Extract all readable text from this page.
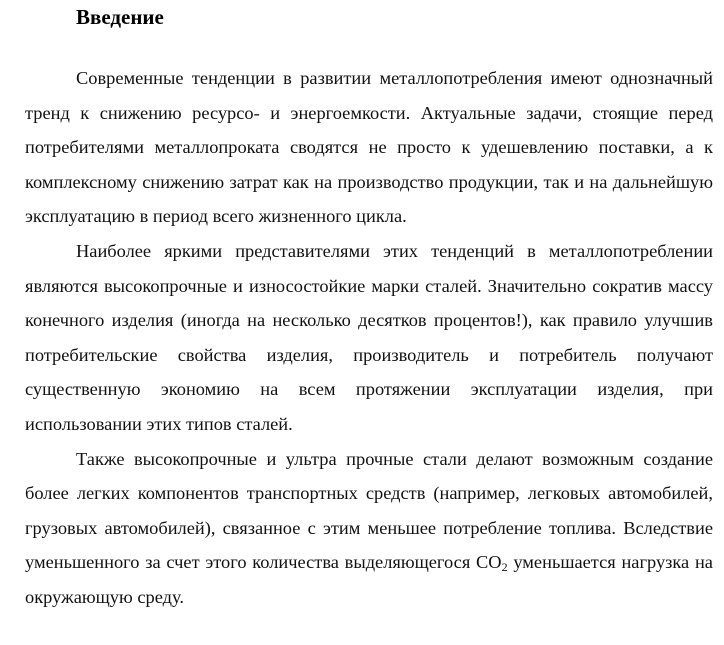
Введение

Современные тенденции в развитии металлопотребления имеют однозначный тренд к снижению ресурсо- и энергоемкости. Актуальные задачи, стоящие перед потребителями металлопроката сводятся не просто к удешевлению поставки, а к комплексному снижению затрат как на производство продукции, так и на дальнейшую эксплуатацию в период всего жизненного цикла.

Наиболее яркими представителями этих тенденций в металлопотреблении являются высокопрочные и износостойкие марки сталей. Значительно сократив массу конечного изделия (иногда на несколько десятков процентов!), как правило улучшив потребительские свойства изделия, производитель и потребитель получают существенную экономию на всем протяжении эксплуатации изделия, при использовании этих типов сталей.

Также высокопрочные и ультра прочные стали делают возможным создание более легких компонентов транспортных средств (например, легковых автомобилей, грузовых автомобилей), связанное с этим меньшее потребление топлива. Вследствие уменьшенного за счет этого количества выделяющегося $CO_2$ уменьшается нагрузка на окружающую среду.
